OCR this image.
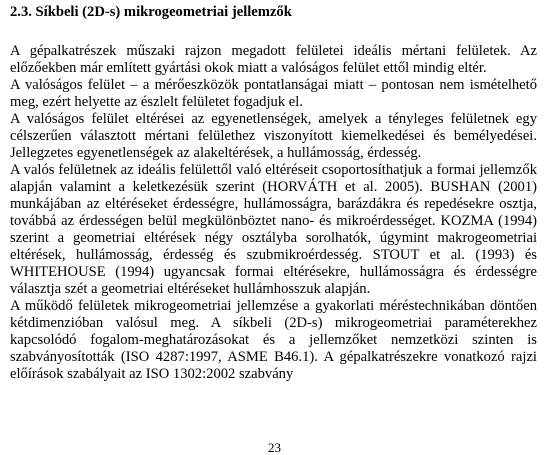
2.3. Síkbeli (2D-s) mikrogeometriai jellemzők

A gépalkatrészek műszaki rajzon megadott felületei ideális mértani felületek. Az előzőekben már említett gyártási okok miatt a valóságos felület ettől mindig eltér.

A valóságos felület – a mérőeszközök pontatlanságai miatt – pontosan nem ismételhető meg, ezért helyette az észlelt felületet fogadjuk el.

A valóságos felület eltérései az egyenetlenségek, amelyek a tényleges felületnek egy célszerűen választott mértani felülethez viszonyított kiemelkedései és bemélyedései. Jellegzetes egyenetlenségek az alakeltérések, a hullámosság, érdesség.

A valós felületnek az ideális felülettől való eltéréseit csoportosíthatjuk a formai jellemzők alapján valamint a keletkezésük szerint (HORVÁTH et al. 2005). BUSHAN (2001) munkájában az eltéréseket érdességre, hullámosságra, barázdákra és repedésekre osztja, továbbá az érdességen belül megkülönböztet nano- és mikroérdességet. KOZMA (1994) szerint a geometriai eltérések négy osztályba sorolhatók, úgymint makrogeometriai eltérések, hullámosság, érdesség és szubmikroérdesség. STOUT et al. (1993) és WHITEHOUSE (1994) ugyancsak formai eltérésekre, hullámosságra és érdességre választja szét a geometriai eltéréseket hullámhosszuk alapján.

A működő felületek mikrogeometriai jellemzése a gyakorlati méréstechnikában döntően kétdimenzióban valósul meg. A síkbeli (2D-s) mikrogeometriai paraméterekhez kapcsolódó fogalom-meghatározásokat és a jellemzőket nemzetközi szinten is szabványosították (ISO 4287:1997, ASME B46.1). A gépalkatrészekre vonatkozó rajzi előírások szabályait az ISO 1302:2002 szabvány

23
